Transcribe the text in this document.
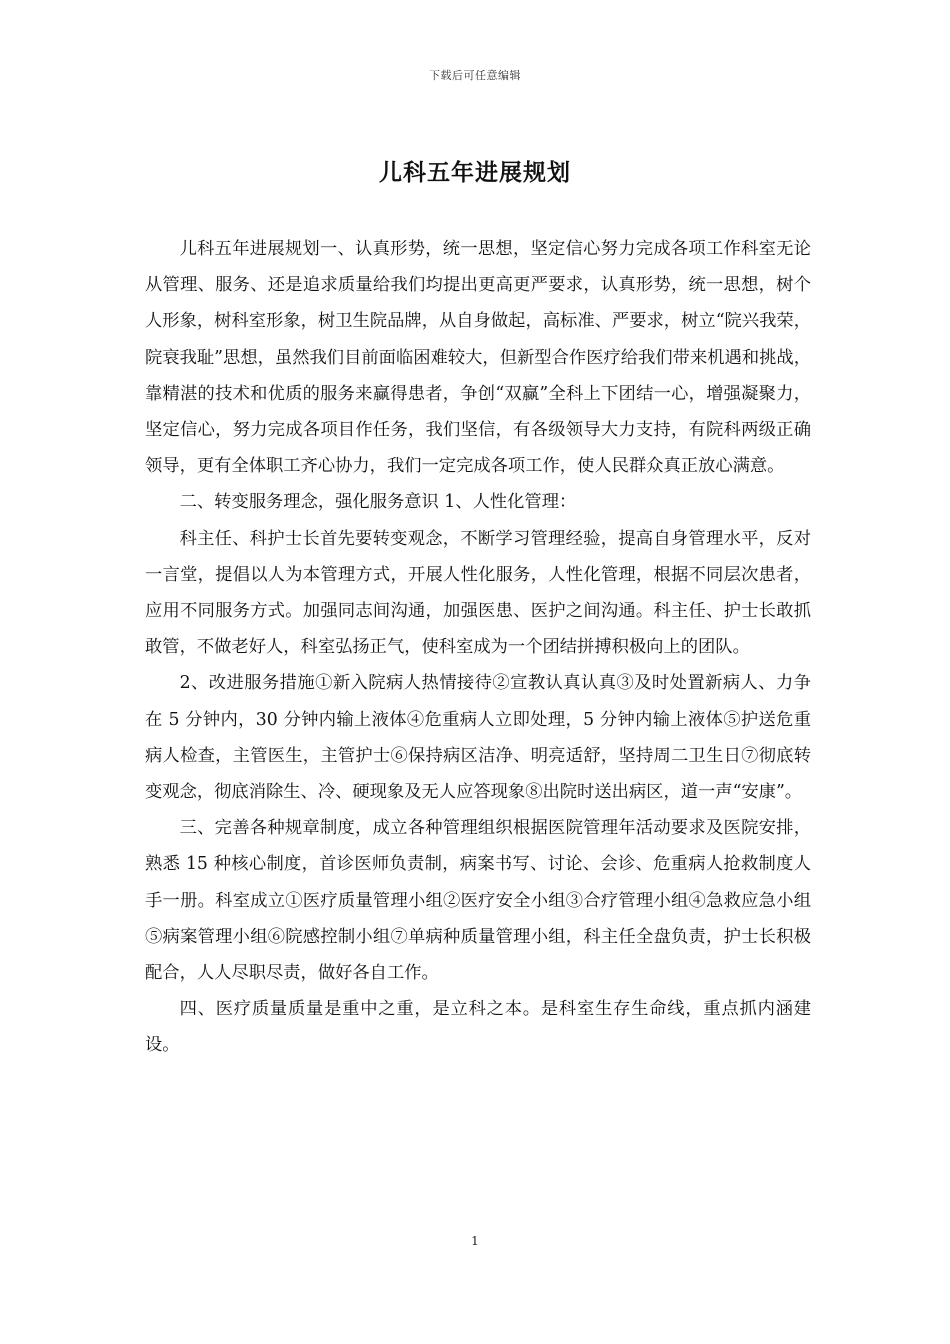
下载后可任意编辑
儿科五年进展规划

儿科五年进展规划一、认真形势，统一思想，坚定信心努力完成各项工作科室无论从管理、服务、还是追求质量给我们均提出更高更严要求，认真形势，统一思想，树个人形象，树科室形象，树卫生院品牌，从自身做起，高标准、严要求，树立“院兴我荣，院衰我耻”思想，虽然我们目前面临困难较大，但新型合作医疗给我们带来机遇和挑战，靠精湛的技术和优质的服务来赢得患者，争创“双赢”全科上下团结一心，增强凝聚力，坚定信心，努力完成各项目作任务，我们坚信，有各级领导大力支持，有院科两级正确领导，更有全体职工齐心协力，我们一定完成各项工作，使人民群众真正放心满意。

二、转变服务理念，强化服务意识 1、人性化管理：

科主任、科护士长首先要转变观念，不断学习管理经验，提高自身管理水平，反对一言堂，提倡以人为本管理方式，开展人性化服务，人性化管理，根据不同层次患者，应用不同服务方式。加强同志间沟通，加强医患、医护之间沟通。科主任、护士长敢抓敢管，不做老好人，科室弘扬正气，使科室成为一个团结拼搏积极向上的团队。

2、改进服务措施①新入院病人热情接待②宣教认真认真③及时处置新病人、力争在 5 分钟内，30 分钟内输上液体④危重病人立即处理，5 分钟内输上液体⑤护送危重病人检查，主管医生，主管护士⑥保持病区洁净、明亮适舒，坚持周二卫生日⑦彻底转变观念，彻底消除生、冷、硬现象及无人应答现象⑧出院时送出病区，道一声“安康”。

三、完善各种规章制度，成立各种管理组织根据医院管理年活动要求及医院安排，熟悉 15 种核心制度，首诊医师负责制，病案书写、讨论、会诊、危重病人抢救制度人手一册。科室成立①医疗质量管理小组②医疗安全小组③合疗管理小组④急救应急小组⑤病案管理小组⑥院感控制小组⑦单病种质量管理小组，科主任全盘负责，护士长积极配合，人人尽职尽责，做好各自工作。

四、医疗质量质量是重中之重，是立科之本。是科室生存生命线，重点抓内涵建设。

1
